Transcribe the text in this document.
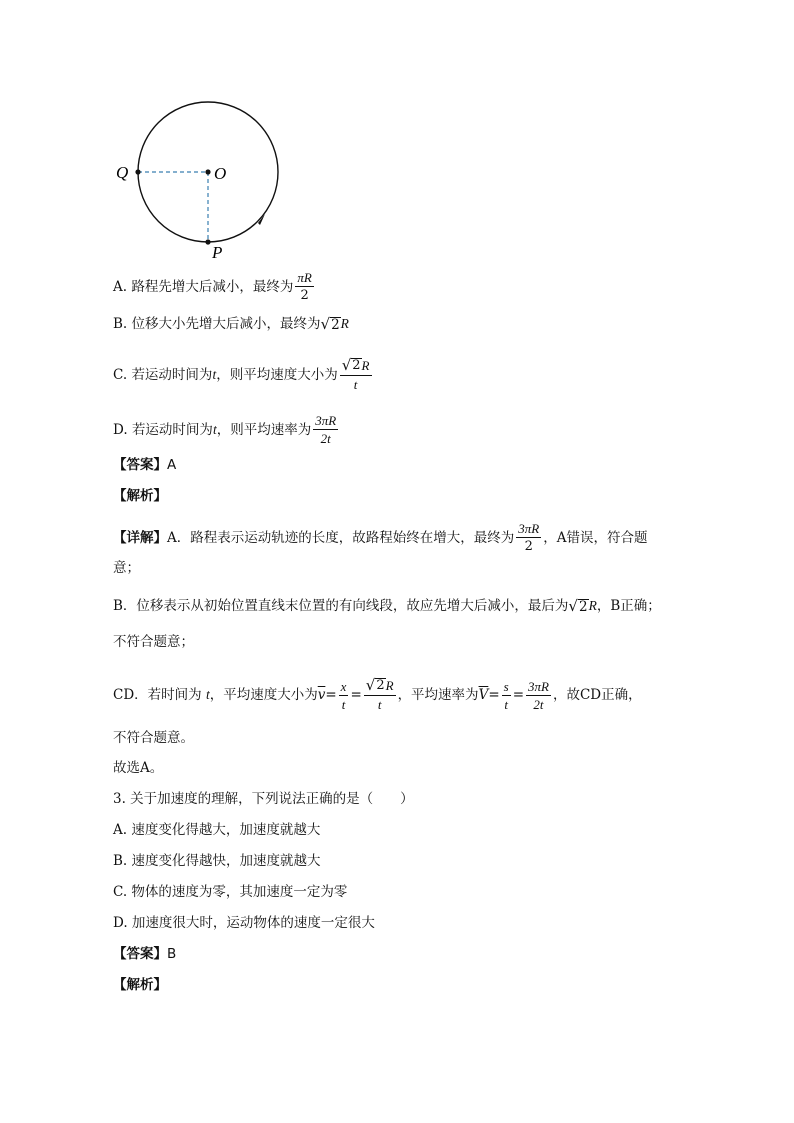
Q	O
P
A.
路程先增大后减小，最终为 $\frac{\pi R}{2}$
B.
位移大小先增大后减小，最终为 √ 2 R
C.
若运动时间为 t ，则平均速度大小为 $\frac{√ 2 R}{t}$
D.
若运动时间为 t ，则平均速率为 $\frac{3\pi R}{2t}$
【答案】 A
【解析】
【详解】 A．路程表示运动轨迹的长度，故路程始终在增大，最终为 $\frac{3\pi R}{2}$ ，A错误，符合题
意；
B．位移表示从初始位置直线末位置的有向线段，故应先增大后减小，最后为 √ 2 R ，B正确；
不符合题意；
CD．若时间为
t ，平均速度大小为 $\overline{v} = \frac{x}{t} = \frac{√ 2 R}{t}$ ，平均速率为 $\overline{V} = \frac{s}{t} = \frac{3\pi R}{2t}$ ，故CD正确，
不符合题意。
故选A。
3. 关于加速度的理解，下列说法正确的是（　　）
A. 速度变化得越大，加速度就越大
B. 速度变化得越快，加速度就越大
C. 物体的速度为零，其加速度一定为零
D. 加速度很大时，运动物体的速度一定很大
【答案】 B
【解析】
